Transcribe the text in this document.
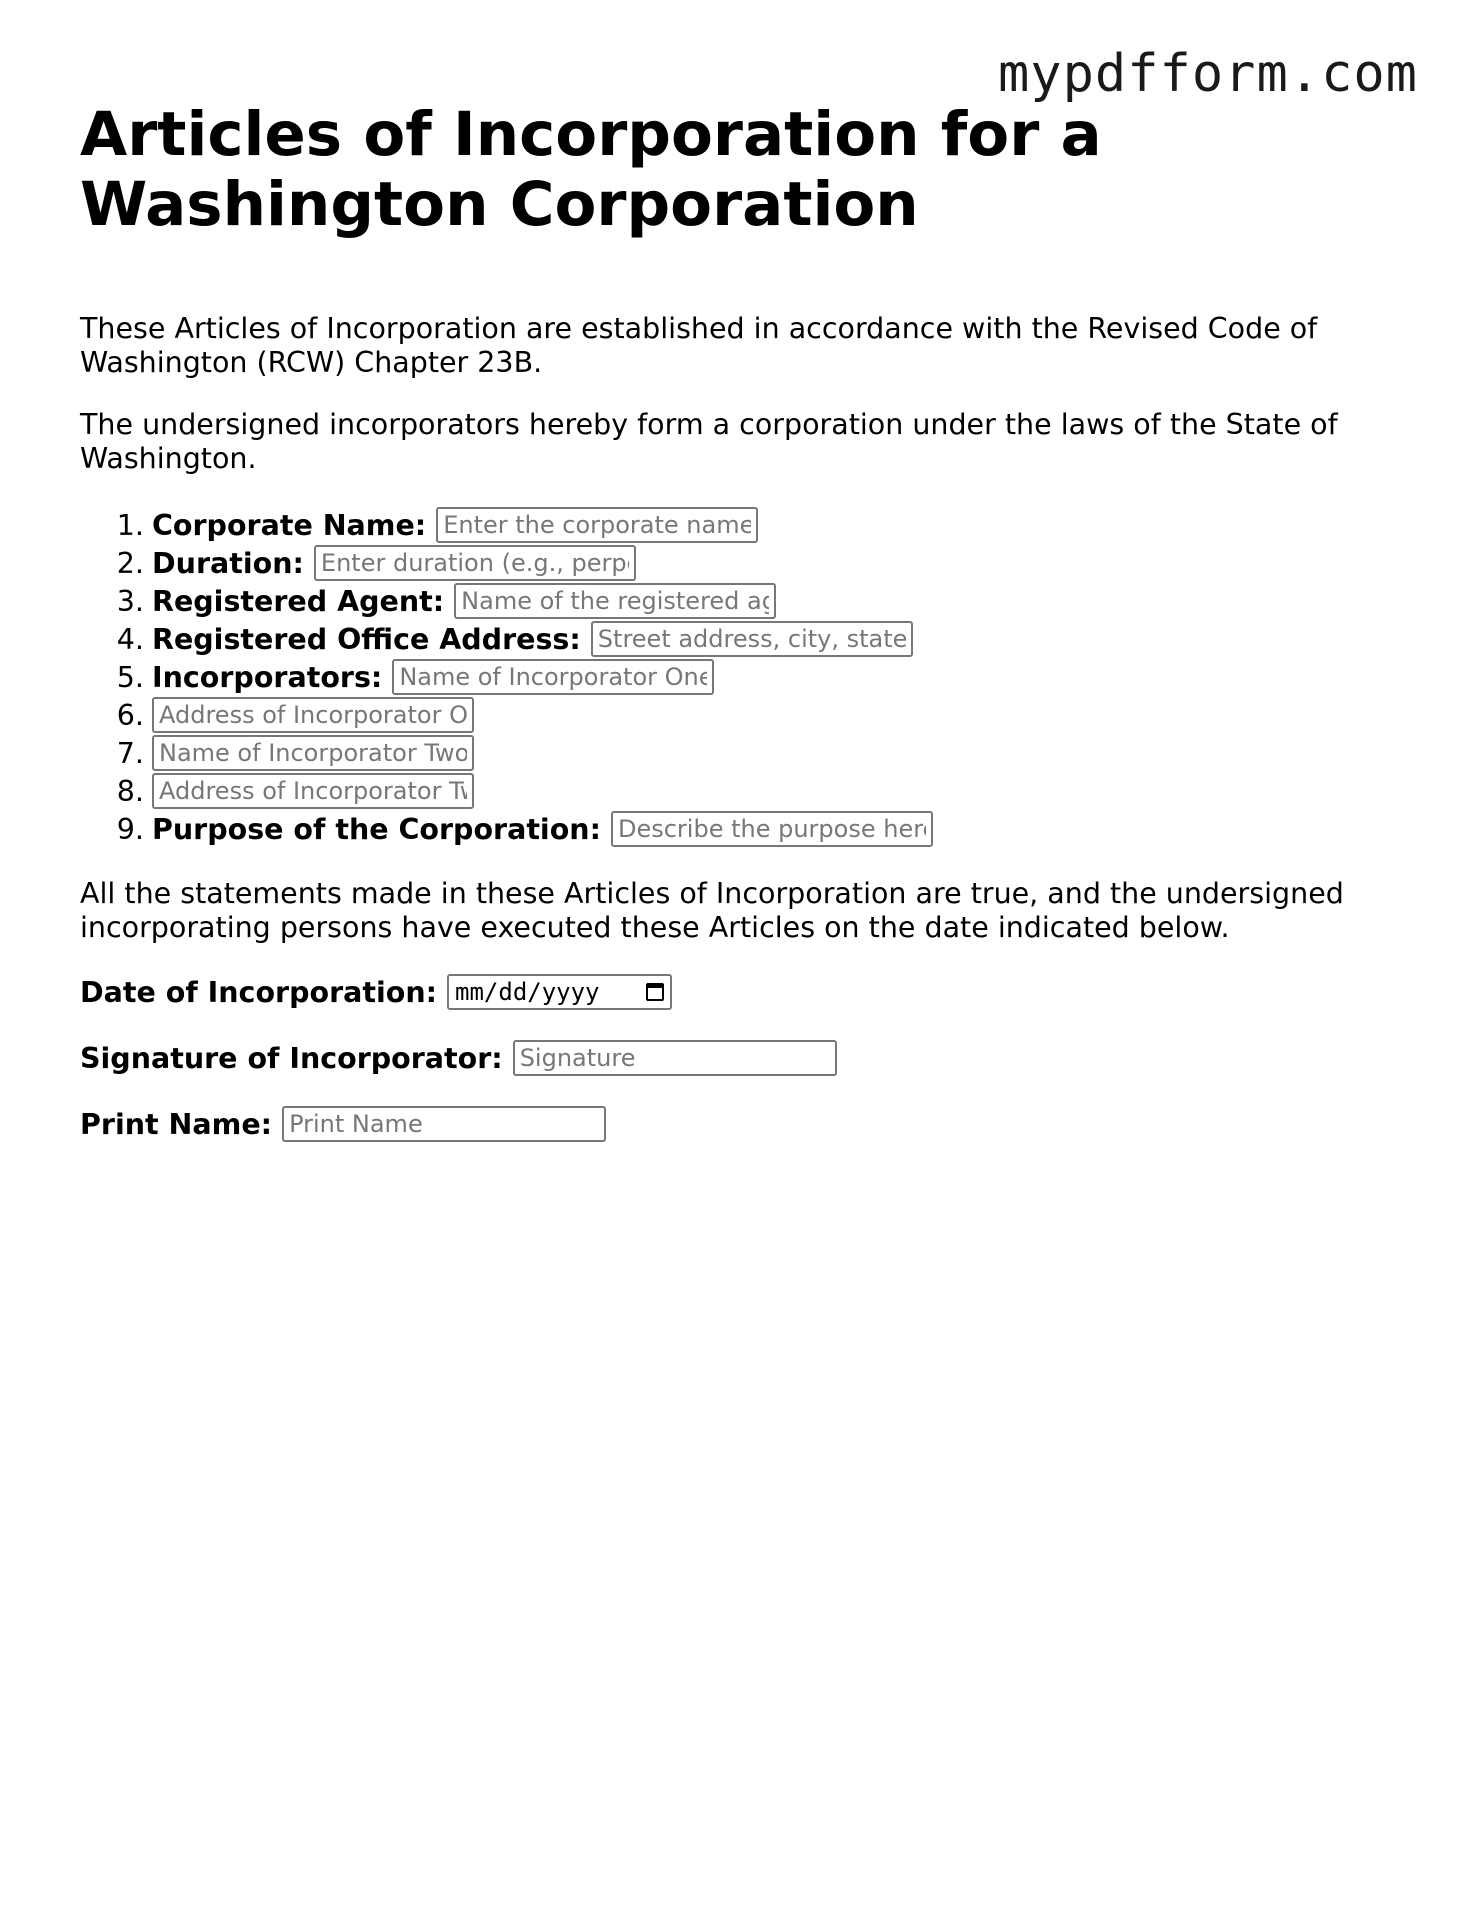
mypdfform.com
Articles of Incorporation for a Washington Corporation

These Articles of Incorporation are established in accordance with the Revised Code of Washington (RCW) Chapter 23B.

The undersigned incorporators hereby form a corporation under the laws of the State of Washington.

1. Corporate Name:
Enter the corporate name
2. Duration:
Enter duration (e.g., perpetual)
3. Registered Agent:
Name of the registered agent
4. Registered Office Address:
Street address, city, state, ZIP
5. Incorporators:
Name of Incorporator One
6.
Address of Incorporator One
7.
Name of Incorporator Two
8.
Address of Incorporator Two
9. Purpose of the Corporation:
Describe the purpose here

All the statements made in these Articles of Incorporation are true, and the undersigned incorporating persons have executed these Articles on the date indicated below.

Date of Incorporation: mm/dd/yyyy
Signature of Incorporator:
Signature
Print Name:
Print Name
